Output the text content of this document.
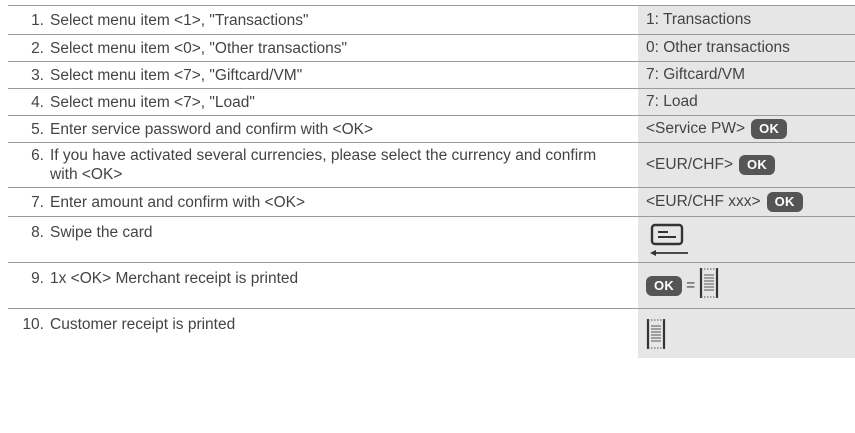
1. Select menu item <1>, "Transactions"	1: Transactions

2. Select menu item <0>, "Other transactions"	0: Other transactions

3. Select menu item <7>, "Giftcard/VM"	7: Giftcard/VM

4. Select menu item <7>, "Load"	7: Load

5. Enter service password and confirm with <OK>	<Service PW> OK

6. If you have activated several currencies, please select the currency and confirm with <OK>	<EUR/CHF> OK

7. Enter amount and confirm with <OK>	<EUR/CHF xxx> OK

8. Swipe the card

9. 1x <OK> Merchant receipt is printed	OK =

10. Customer receipt is printed
